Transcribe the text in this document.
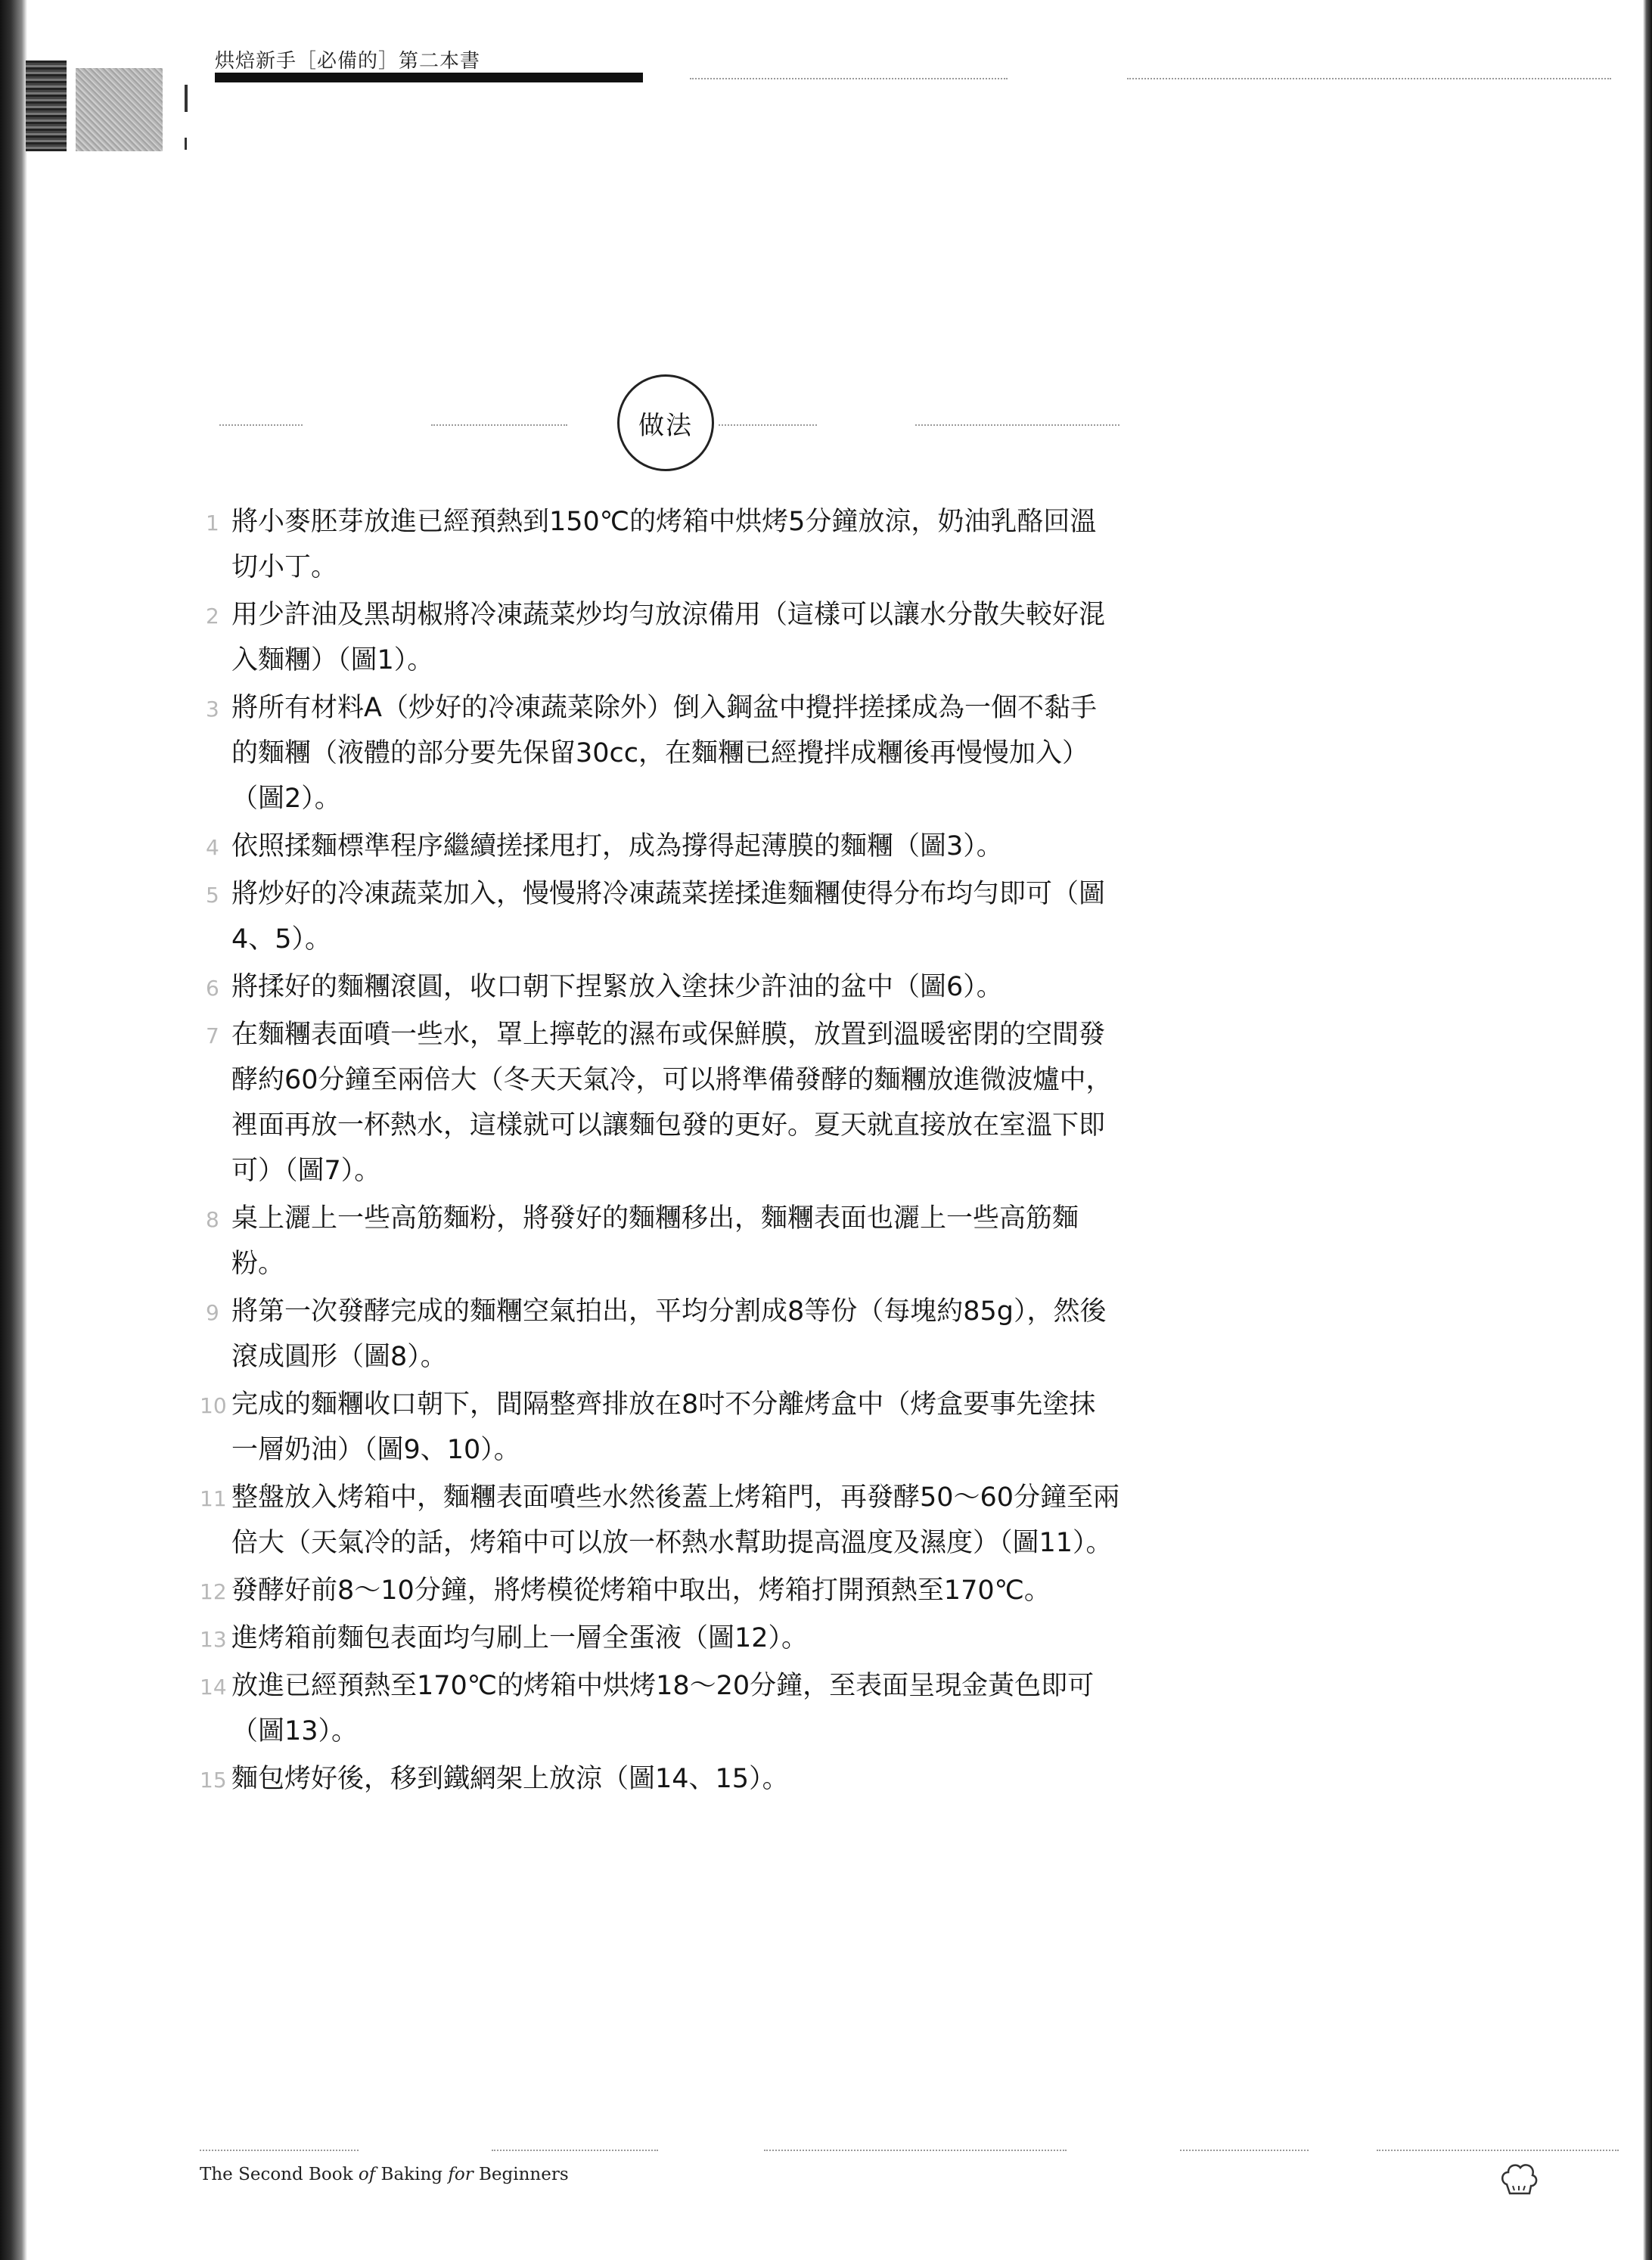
烘焙新手［必備的］第二本書
做法
1 將小麥胚芽放進已經預熱到150℃的烤箱中烘烤5分鐘放涼，奶油乳酪回溫切小丁。
2 用少許油及黑胡椒將冷凍蔬菜炒均勻放涼備用（這樣可以讓水分散失較好混入麵糰）（圖1）。
3 將所有材料A（炒好的冷凍蔬菜除外）倒入鋼盆中攪拌搓揉成為一個不黏手的麵糰（液體的部分要先保留30cc，在麵糰已經攪拌成糰後再慢慢加入）（圖2）。
4 依照揉麵標準程序繼續搓揉甩打，成為撐得起薄膜的麵糰（圖3）。
5 將炒好的冷凍蔬菜加入，慢慢將冷凍蔬菜搓揉進麵糰使得分布均勻即可（圖4、5）。
6 將揉好的麵糰滾圓，收口朝下捏緊放入塗抹少許油的盆中（圖6）。
7 在麵糰表面噴一些水，罩上擰乾的濕布或保鮮膜，放置到溫暖密閉的空間發酵約60分鐘至兩倍大（冬天天氣冷，可以將準備發酵的麵糰放進微波爐中，裡面再放一杯熱水，這樣就可以讓麵包發的更好。夏天就直接放在室溫下即可）（圖7）。
8 桌上灑上一些高筋麵粉，將發好的麵糰移出，麵糰表面也灑上一些高筋麵粉。
9 將第一次發酵完成的麵糰空氣拍出，平均分割成8等份（每塊約85g），然後滾成圓形（圖8）。
10 完成的麵糰收口朝下，間隔整齊排放在8吋不分離烤盒中（烤盒要事先塗抹一層奶油）（圖9、10）。
11 整盤放入烤箱中，麵糰表面噴些水然後蓋上烤箱門，再發酵50～60分鐘至兩倍大（天氣冷的話，烤箱中可以放一杯熱水幫助提高溫度及濕度）（圖11）。
12 發酵好前8～10分鐘，將烤模從烤箱中取出，烤箱打開預熱至170℃。
13 進烤箱前麵包表面均勻刷上一層全蛋液（圖12）。
14 放進已經預熱至170℃的烤箱中烘烤18～20分鐘，至表面呈現金黃色即可（圖13）。
15 麵包烤好後，移到鐵網架上放涼（圖14、15）。
The Second Book of Baking for Beginners
